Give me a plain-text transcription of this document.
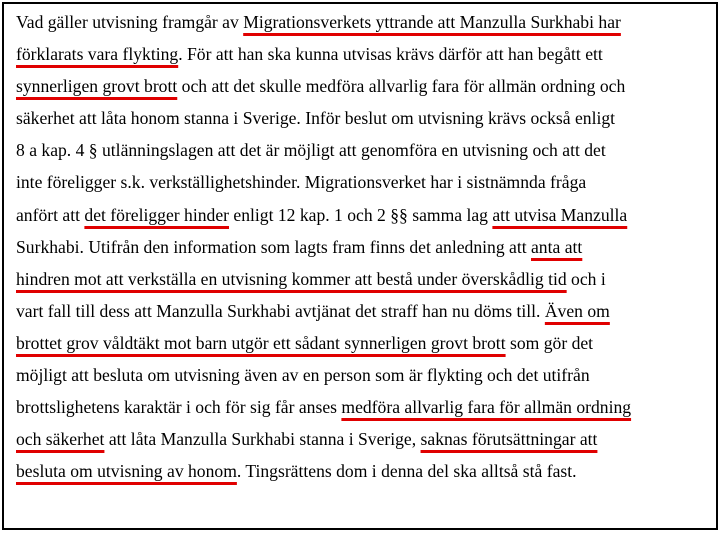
Vad gäller utvisning framgår av Migrationsverkets yttrande att Manzulla Surkhabi har
förklarats vara flykting. För att han ska kunna utvisas krävs därför att han begått ett
synnerligen grovt brott och att det skulle medföra allvarlig fara för allmän ordning och
säkerhet att låta honom stanna i Sverige. Inför beslut om utvisning krävs också enligt
8 a kap. 4 § utlänningslagen att det är möjligt att genomföra en utvisning och att det
inte föreligger s.k. verkställighetshinder. Migrationsverket har i sistnämnda fråga
anfört att det föreligger hinder enligt 12 kap. 1 och 2 §§ samma lag att utvisa Manzulla
Surkhabi. Utifrån den information som lagts fram finns det anledning att anta att
hindren mot att verkställa en utvisning kommer att bestå under överskådlig tid och i
vart fall till dess att Manzulla Surkhabi avtjänat det straff han nu döms till. Även om
brottet grov våldtäkt mot barn utgör ett sådant synnerligen grovt brott som gör det
möjligt att besluta om utvisning även av en person som är flykting och det utifrån
brottslighetens karaktär i och för sig får anses medföra allvarlig fara för allmän ordning
och säkerhet att låta Manzulla Surkhabi stanna i Sverige, saknas förutsättningar att
besluta om utvisning av honom. Tingsrättens dom i denna del ska alltså stå fast.
